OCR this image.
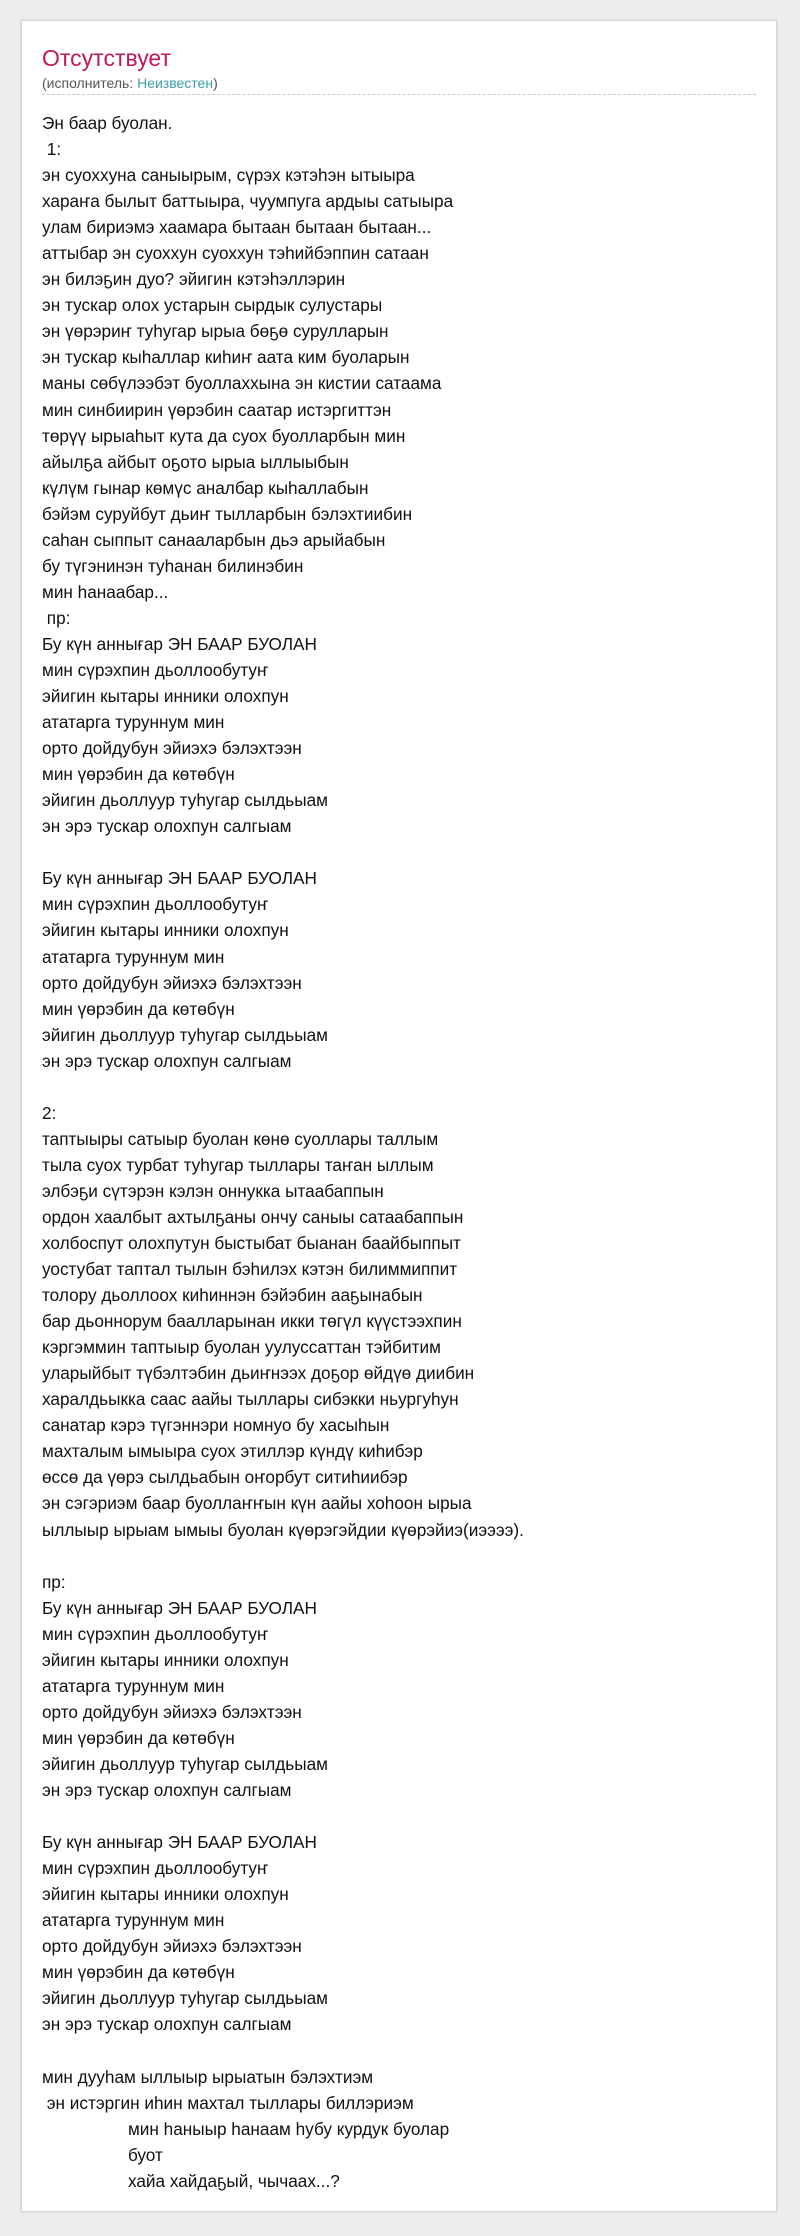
Отсутствует
(исполнитель: Неизвестен)
Эн баар буолан.
1:
эн суоххуна саныырым, сүрэх кэтэһэн ытыыра
хараҥа былыт баттыыра, чуумпуга ардыы сатыыра
улам бириэмэ хаамара бытаан бытаан бытаан...
аттыбар эн суоххун суоххун тэһийбэппин сатаан
эн билэҕин дуо? эйигин кэтэһэллэрин
эн тускар олох устарын сырдык сулустары
эн үөрэриҥ туһугар ырыа бөҕө сурулларын
эн тускар кыһаллар киһиҥ аата ким буоларын
маны сөбүлээбэт буоллаххына эн кистии сатаама
мин синбиирин үөрэбин саатар истэргиттэн
төрүү ырыаһыт кута да суох буолларбын мин
айылҕа айбыт оҕото ырыа ыллыыбын
күлүм гынар көмүс аналбар кыһаллабын
бэйэм суруйбут дьиҥ тылларбын бэлэхтиибин
саһан сыппыт санааларбын дьэ арыйабын
бу түгэнинэн туһанан билинэбин
мин һанаабар...
пр:
Бу күн аннығар ЭН БААР БУОЛАН
мин сүрэхпин дьоллообутуҥ
эйигин кытары инники олохпун
ататарга туруннум мин
орто дойдубун эйиэхэ бэлэхтээн
мин үөрэбин да көтөбүн
эйигин дьоллуур туһугар сылдьыам
эн эрэ тускар олохпун салгыам
Бу күн аннығар ЭН БААР БУОЛАН
мин сүрэхпин дьоллообутуҥ
эйигин кытары инники олохпун
ататарга туруннум мин
орто дойдубун эйиэхэ бэлэхтээн
мин үөрэбин да көтөбүн
эйигин дьоллуур туһугар сылдьыам
эн эрэ тускар олохпун салгыам
2:
таптыыры сатыыр буолан көнө суоллары таллым
тыла суох турбат туһугар тыллары таҥан ыллым
элбэҕи сүтэрэн кэлэн оннукка ытаабаппын
ордон хаалбыт ахтылҕаны ончу саныы сатаабаппын
холбоспут олохпутун быстыбат быанан баайбыппыт
уостубат таптал тылын бэһилэх кэтэн билиммиппит
толору дьоллоох киһиннэн бэйэбин ааҕынабын
бар дьоннорум баалларынан икки төгүл күүстээхпин
кэргэммин таптыыр буолан уулуссаттан тэйбитим
уларыйбыт түбэлтэбин дьиҥнээх доҕор өйдүө диибин
харалдьыкка саас аайы тыллары сибэкки ньургуһун
санатар кэрэ түгэннэри номнуо бу хасыһын
махталым ымыыра суох этиллэр күндү киһибэр
өссө да үөрэ сылдьабын оҥорбут ситиһиибэр
эн сэгэриэм баар буоллаҥҥын күн аайы хоһоон ырыа
ыллыыр ырыам ымыы буолан күөрэгэйдии күөрэйиэ(иээээ).
пр:
Бу күн аннығар ЭН БААР БУОЛАН
мин сүрэхпин дьоллообутуҥ
эйигин кытары инники олохпун
ататарга туруннум мин
орто дойдубун эйиэхэ бэлэхтээн
мин үөрэбин да көтөбүн
эйигин дьоллуур туһугар сылдьыам
эн эрэ тускар олохпун салгыам
Бу күн аннығар ЭН БААР БУОЛАН
мин сүрэхпин дьоллообутуҥ
эйигин кытары инники олохпун
ататарга туруннум мин
орто дойдубун эйиэхэ бэлэхтээн
мин үөрэбин да көтөбүн
эйигин дьоллуур туһугар сылдьыам
эн эрэ тускар олохпун салгыам
мин дууһам ыллыыр ырыатын бэлэхтиэм
эн истэргин иһин махтал тыллары биллэриэм
мин һаныыр һанаам һубу курдук буолар
буот
хайа хайдаҕый, чычаах...?
